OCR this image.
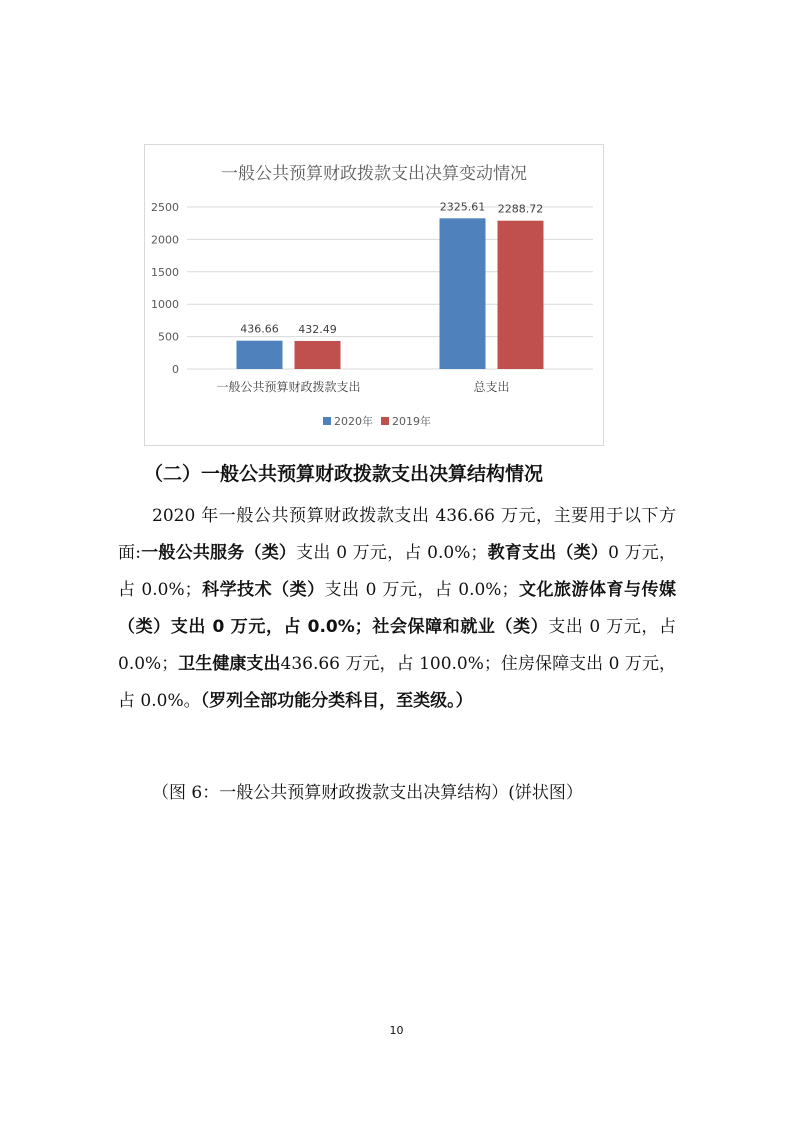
一般公共预算财政拨款支出决算变动情况
0
500
1000
1500
2000
2500
436.66 432.49
2325.61 2288.72
一般公共预算财政拨款支出	总支出
2020年 2019年
（二）一般公共预算财政拨款支出决算结构情况
2020 年一般公共预算财政拨款支出 436.66 万元，主要用于以下方面:一般公共服务（类）支出 0 万元，占 0.0%；教育支出（类）0 万元，占 0.0%；科学技术（类）支出 0 万元，占 0.0%；文化旅游体育与传媒（类）支出 0 万元，占 0.0%；社会保障和就业（类）支出 0 万元，占 0.0%；卫生健康支出436.66 万元，占 100.0%；住房保障支出 0 万元，占 0.0%。（罗列全部功能分类科目，至类级。）
（图 6：一般公共预算财政拨款支出决算结构）(饼状图）
10
